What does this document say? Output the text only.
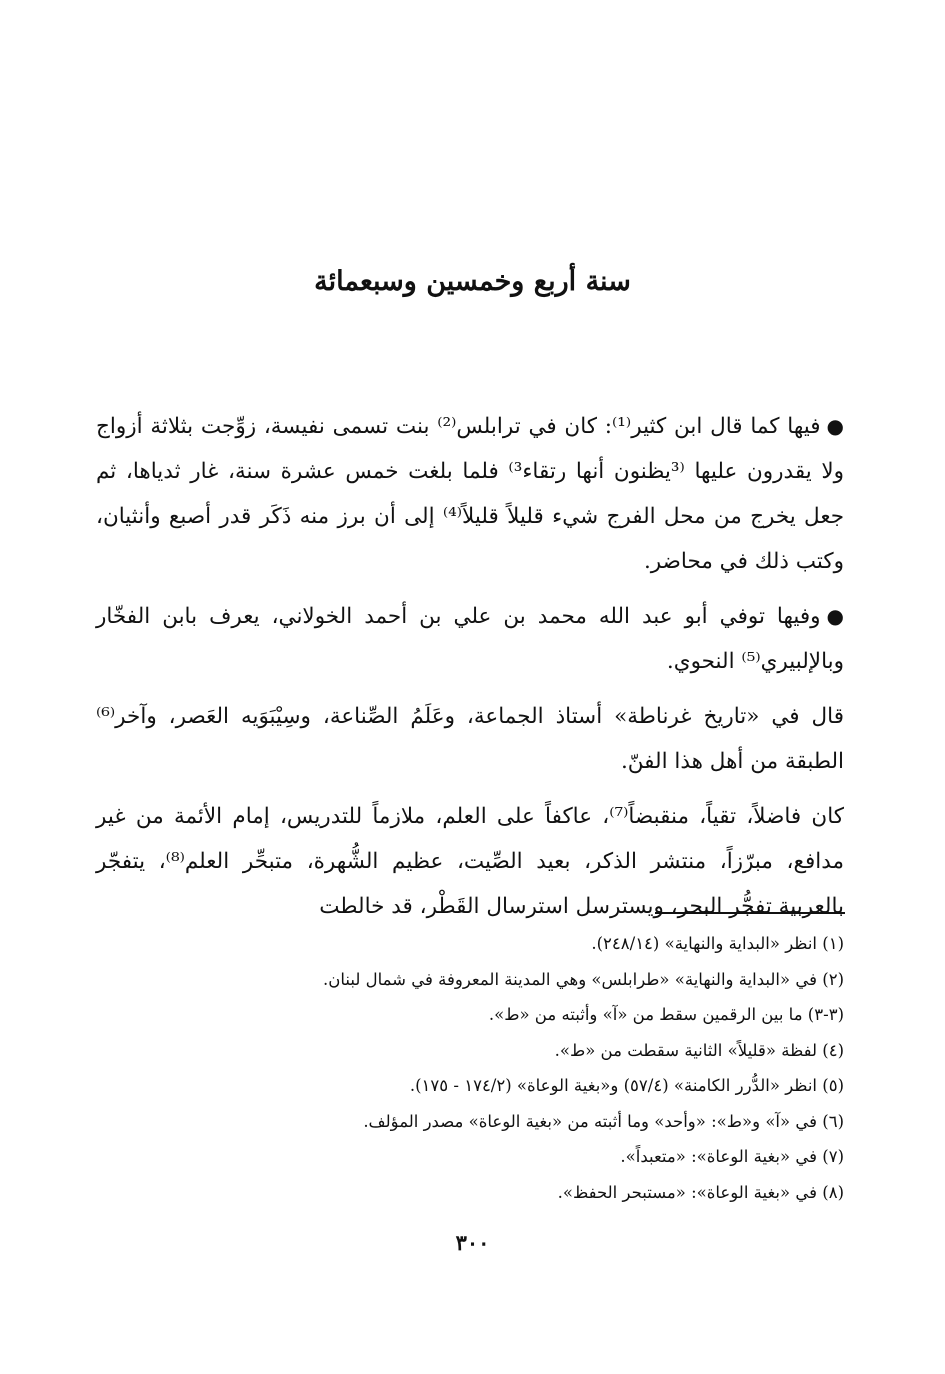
سنة أربع وخمسين وسبعمائة

●فيها كما قال ابن كثير⁽¹⁾: كان في ترابلس⁽²⁾ بنت تسمى نفيسة، زوِّجت بثلاثة أزواج ولا يقدرون عليها ⁽³يظنون أنها رتقاء³⁾ فلما بلغت خمس عشرة سنة، غار ثدياها، ثم جعل يخرج من محل الفرج شيء قليلاً قليلاً⁽⁴⁾ إلى أن برز منه ذَكَر قدر أصبع وأنثيان، وكتب ذلك في محاضر.

●وفيها توفي أبو عبد الله محمد بن علي بن أحمد الخولاني، يعرف بابن الفخّار وبالإلبيري⁽⁵⁾ النحوي.

قال في «تاريخ غرناطة» أستاذ الجماعة، وعَلَمُ الصِّناعة، وسِيْبَوَيه العَصر، وآخر⁽⁶⁾ الطبقة من أهل هذا الفنّ.

كان فاضلاً، تقياً، منقبضاً⁽⁷⁾، عاكفاً على العلم، ملازماً للتدريس، إمام الأئمة من غير مدافع، مبرّزاً، منتشر الذكر، بعيد الصِّيت، عظيم الشُّهرة، متبحِّر العلم⁽⁸⁾، يتفجّر بالعربية تفجُّر البحر، ويسترسل استرسال القَطْر، قد خالطت

(١) انظر «البداية والنهاية» (٢٤٨/١٤).

(٢) في «البداية والنهاية» «طرابلس» وهي المدينة المعروفة في شمال لبنان.

(٣-٣) ما بين الرقمين سقط من «آ» وأثبته من «ط».

(٤) لفظة «قليلاً» الثانية سقطت من «ط».

(٥) انظر «الدُّرر الكامنة» (٥٧/٤) و«بغية الوعاة» (١٧٤/٢ - ١٧٥).

(٦) في «آ» و«ط»: «وأحد» وما أثبته من «بغية الوعاة» مصدر المؤلف.

(٧) في «بغية الوعاة»: «متعبداً».

(٨) في «بغية الوعاة»: «مستبحر الحفظ».

٣٠٠
